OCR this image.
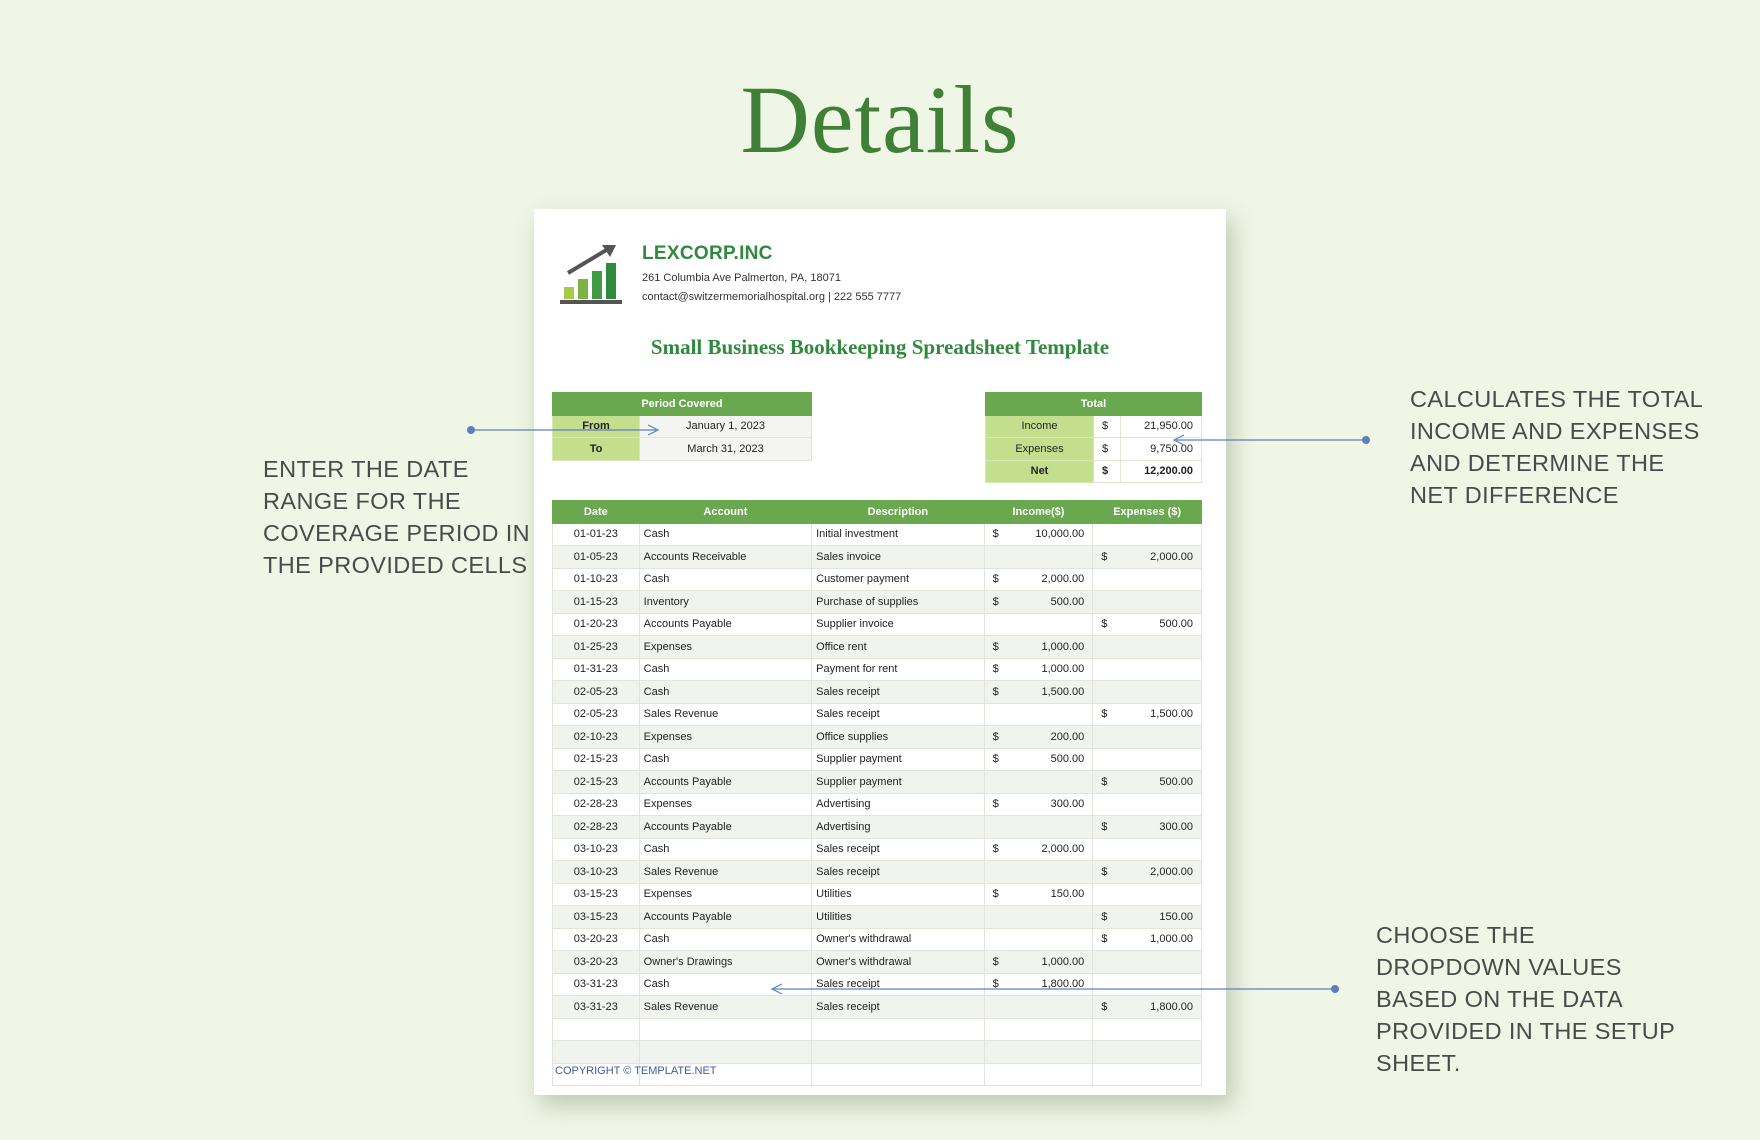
Details
ENTER THE DATE RANGE FOR THE COVERAGE PERIOD IN THE PROVIDED CELLS
CALCULATES THE TOTAL INCOME AND EXPENSES AND DETERMINE THE NET DIFFERENCE
CHOOSE THE DROPDOWN VALUES BASED ON THE DATA PROVIDED IN THE SETUP SHEET.
LEXCORP.INC
261 Columbia Ave Palmerton, PA, 18071
contact@switzermemorialhospital.org | 222 555 7777
Small Business Bookkeeping Spreadsheet Template
Period Covered	
From	January 1, 2023
To	March 31, 2023
Total		
Income	$	21,950.00
Expenses	$	9,750.00
Net	$	12,200.00
Date	Account	Description	Income($)	Expenses ($)
01-01-23	Cash	Initial investment	$ 10,000.00	

01-05-23	Accounts Receivable	Sales invoice		$ 2,000.00

01-10-23	Cash	Customer payment	$ 2,000.00	

01-15-23	Inventory	Purchase of supplies	$ 500.00	

01-20-23	Accounts Payable	Supplier invoice		$ 500.00

01-25-23	Expenses	Office rent	$ 1,000.00	

01-31-23	Cash	Payment for rent	$ 1,000.00	

02-05-23	Cash	Sales receipt	$ 1,500.00	

02-05-23	Sales Revenue	Sales receipt		$ 1,500.00

02-10-23	Expenses	Office supplies	$ 200.00	

02-15-23	Cash	Supplier payment	$ 500.00	

02-15-23	Accounts Payable	Supplier payment		$ 500.00

02-28-23	Expenses	Advertising	$ 300.00	

02-28-23	Accounts Payable	Advertising		$ 300.00

03-10-23	Cash	Sales receipt	$ 2,000.00	

03-10-23	Sales Revenue	Sales receipt		$ 2,000.00

03-15-23	Expenses	Utilities	$ 150.00	

03-15-23	Accounts Payable	Utilities		$ 150.00

03-20-23	Cash	Owner's withdrawal		$ 1,000.00

03-20-23	Owner's Drawings	Owner's withdrawal	$ 1,000.00	

03-31-23	Cash	Sales receipt	$ 1,800.00	

03-31-23	Sales Revenue	Sales receipt		$ 1,800.00

COPYRIGHT © TEMPLATE.NET
